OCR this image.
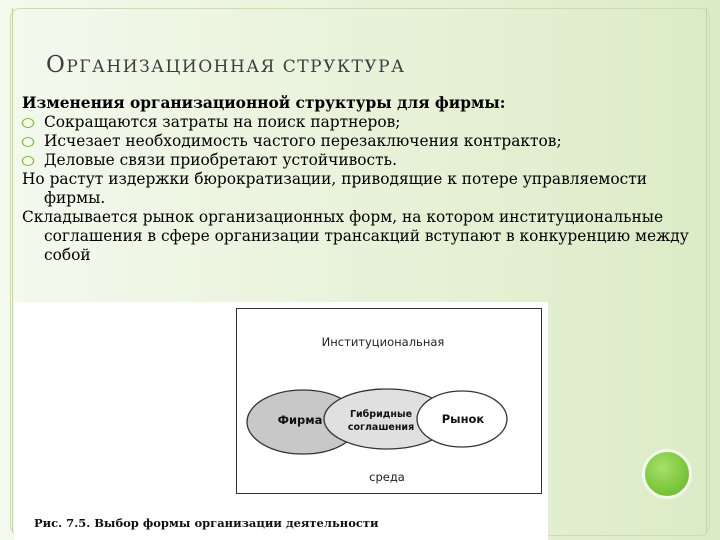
ОРГАНИЗАЦИОННАЯ СТРУКТУРА

Изменения организационной структуры для фирмы:

Сокращаются затраты на поиск партнеров;

Исчезает необходимость частого перезаключения контрактов;

Деловые связи приобретают устойчивость.

Но растут издержки бюрократизации, приводящие к потере управляемости фирмы.

Складывается рынок организационных форм, на котором институциональные соглашения в сфере организации трансакций вступают в конкуренцию между собой

Институциональная
Фирма	Гибридные
соглашения
Рынок
среда

Рис. 7.5. Выбор формы организации деятельности
